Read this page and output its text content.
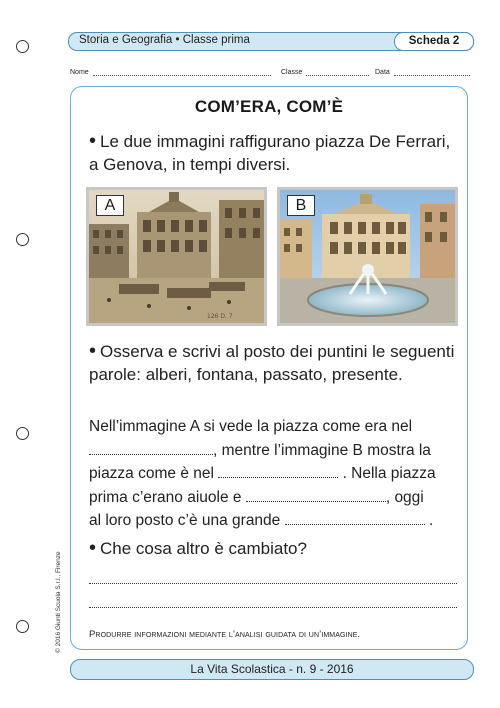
Storia e Geografia • Classe prima	Scheda 2
Nome	Classe	Data
COM’ERA, COM’È
• Le due immagini raffigurano piazza De Ferrari, a Genova, in tempi diversi.
A
126 D. 7
B
• Osserva e scrivi al posto dei puntini le seguenti parole: alberi, fontana, passato, presente.
Nell’immagine A si vede la piazza come era nel
, mentre l’immagine B mostra la
piazza come è nel	. Nella piazza
prima c’erano aiuole e	, oggi
al loro posto c’è una grande	.
• Che cosa altro è cambiato?
Produrre informazioni mediante l’analisi guidata di un’immagine.
© 2016 Giunti Scuola S.r.l., Firenze
La Vita Scolastica - n. 9 - 2016
